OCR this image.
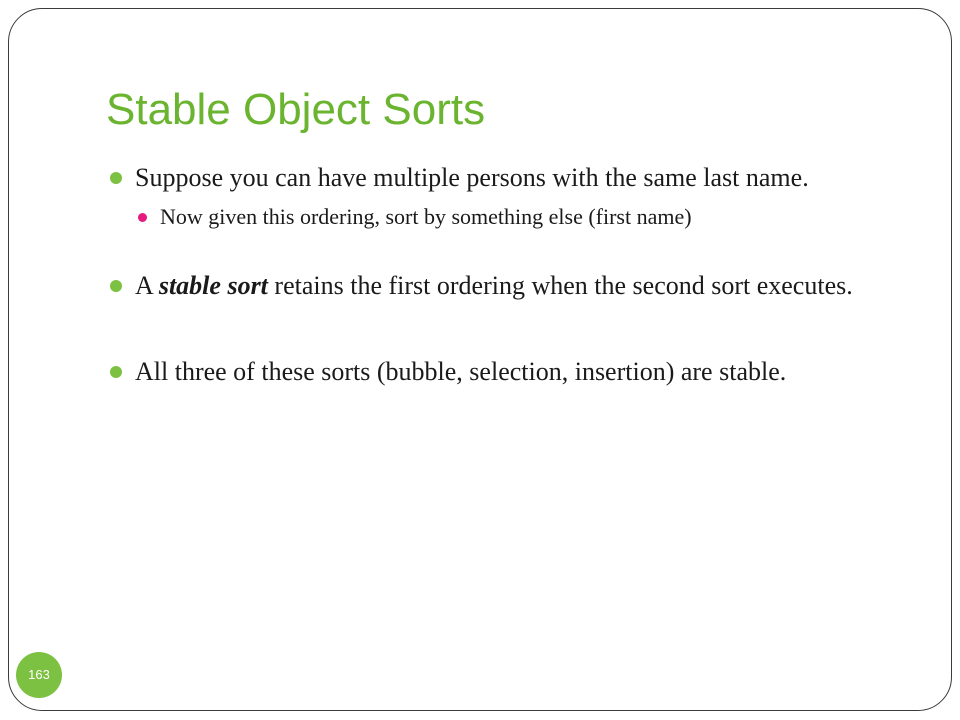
Stable Object Sorts
Suppose you can have multiple persons with the same last name.
Now given this ordering, sort by something else (first name)
A stable sort retains the first ordering when the second sort executes.
All three of these sorts (bubble, selection, insertion) are stable.
163
